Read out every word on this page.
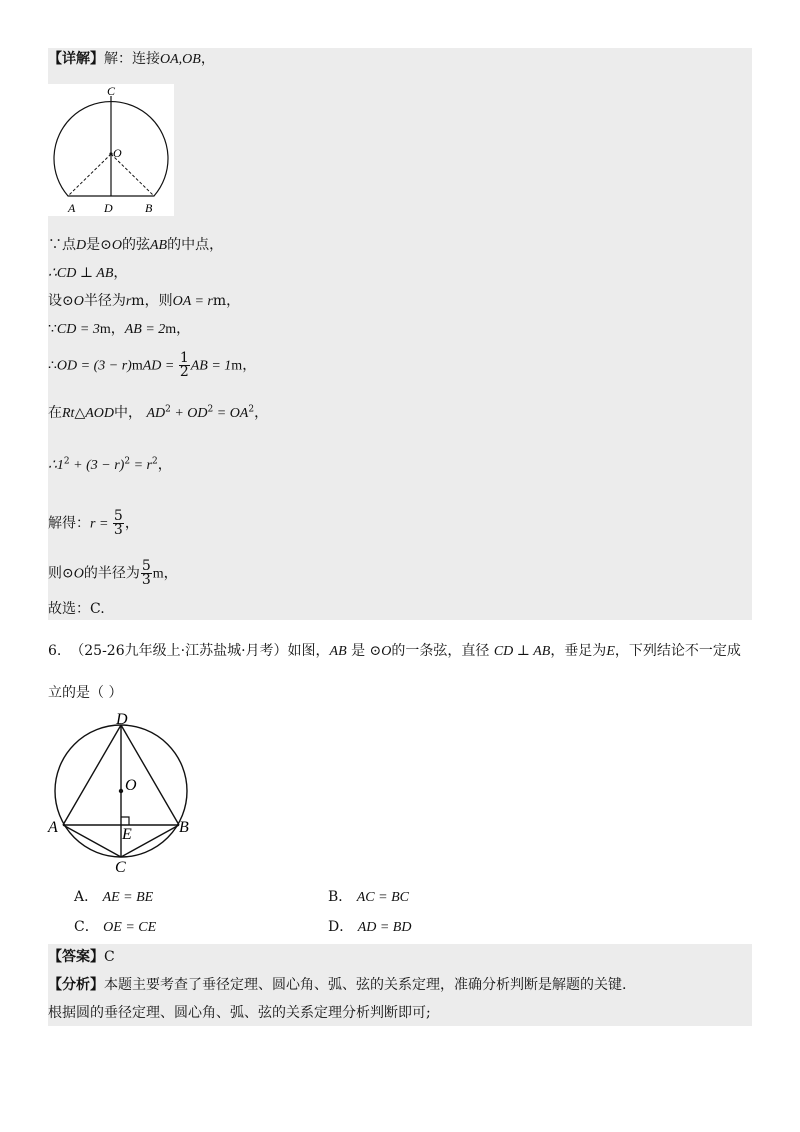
【详解】解：连接OA,OB，
C
O
A D	B
∵点D是⊙O的弦AB的中点，
∴CD ⊥ AB，
设⊙O半径为rm，则OA = rm，
∵CD = 3m，AB = 2m，
∴OD = $(3 - r)mAD = \frac{1}{2}$ AB = 1m，
在Rt△AOD中， $AD^2 + OD^2 = OA^2$，
$\therefore 1^2 + (3 - r)^2 = r^2$，
解得：$r = \frac{5}{3}$ ，
则⊙O的半径为 $\frac{5}{3}$ m，
故选：C.
6. （25-26九年级上·江苏盐城·月考）如图，AB 是 ⊙O的一条弦，直径 CD ⊥ AB，垂足为E，下列结论不一定成
立的是（ ）
D
O
A	E	B
C
A． AE = BE	B． AC = BC
C． OE = CE	D． AD = BD
【答案】C
【分析】本题主要考查了垂径定理、圆心角、弧、弦的关系定理，准确分析判断是解题的关键.
根据圆的垂径定理、圆心角、弧、弦的关系定理分析判断即可;
